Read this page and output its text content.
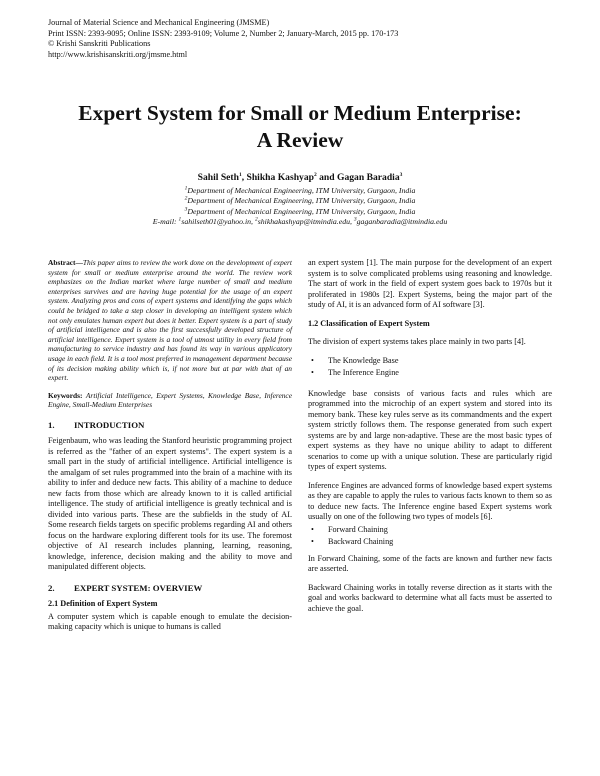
Journal of Material Science and Mechanical Engineering (JMSME)
Print ISSN: 2393-9095; Online ISSN: 2393-9109; Volume 2, Number 2; January-March, 2015 pp. 170-173
© Krishi Sanskriti Publications
http://www.krishisanskriti.org/jmsme.html
Expert System for Small or Medium Enterprise:
A Review
Sahil Seth$^1$, Shikha Kashyap$^2$ and Gagan Baradia$^3$
$^1$Department of Mechanical Engineering, ITM University, Gurgaon, India
$^2$Department of Mechanical Engineering, ITM University, Gurgaon, India
$^3$Department of Mechanical Engineering, ITM University, Gurgaon, India
E-mail: $^1$sahilseth01@yahoo.in, $^2$shikhakashyap@itmindia.edu, $^3$gaganbaradia@itmindia.edu

Abstract—This paper aims to review the work done on the development of expert system for small or medium enterprise around the world. The review work emphasizes on the Indian market where large number of small and medium enterprises survives and are having huge potential for the usage of an expert system. Analyzing pros and cons of expert systems and identifying the gaps which could be bridged to take a step closer in developing an intelligent system which not only emulates human expert but does it better. Expert system is a part of study of artificial intelligence and is also the first successfully developed structure of artificial intelligence. Expert system is a tool of utmost utility in every field from manufacturing to service industry and has found its way in various applicatory usage in each field. It is a tool most preferred in management department because of its decision making ability which is, if not more but at par with that of an expert.

Keywords: Artificial Intelligence, Expert Systems, Knowledge Base, Inference Engine, Small-Medium Enterprises

1. INTRODUCTION

Feigenbaum, who was leading the Stanford heuristic programming project is referred as the "father of an expert systems". The expert system is a small part in the study of artificial intelligence. Artificial intelligence is the amalgam of set rules programmed into the brain of a machine with its ability to infer and deduce new facts. This ability of a machine to deduce new facts from those which are already known to it is called artificial intelligence. The study of artificial intelligence is greatly technical and is divided into various parts. These are the subfields in the study of AI. Some research fields targets on specific problems regarding AI and others focus on the hardware exploring different tools for its use. The foremost objective of AI research includes planning, learning, reasoning, knowledge, inference, decision making and the ability to move and manipulated different objects.

2. EXPERT SYSTEM: OVERVIEW
2.1 Definition of Expert System

A computer system which is capable enough to emulate the decision-making capacity which is unique to humans is called

an expert system [1]. The main purpose for the development of an expert system is to solve complicated problems using reasoning and knowledge. The start of work in the field of expert system goes back to 1970s but it proliferated in 1980s [2]. Expert Systems, being the major part of the study of AI, it is an advanced form of AI software [3].

1.2 Classification of Expert System

The division of expert systems takes place mainly in two parts [4].

• The Knowledge Base
• The Inference Engine

Knowledge base consists of various facts and rules which are programmed into the microchip of an expert system and stored into its memory bank. These key rules serve as its commandments and the expert system strictly follows them. The response generated from such expert systems are by and large non-adaptive. These are the most basic types of expert systems as they have no unique ability to adapt to different scenarios to come up with a unique solution. These are particularly rigid types of expert systems.

Inference Engines are advanced forms of knowledge based expert systems as they are capable to apply the rules to various facts known to them so as to deduce new facts. The Inference engine based Expert systems work usually on one of the following two types of models [6].

• Forward Chaining
• Backward Chaining

In Forward Chaining, some of the facts are known and further new facts are asserted.

Backward Chaining works in totally reverse direction as it starts with the goal and works backward to determine what all facts must be asserted to achieve the goal.
